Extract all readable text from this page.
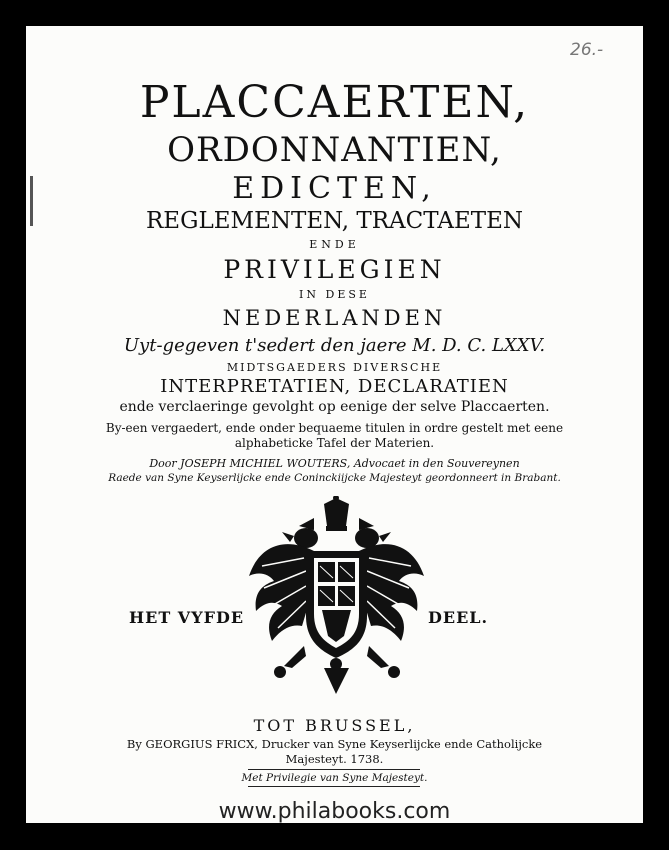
26.-
PLACCAERTEN,
ORDONNANTIEN,
EDICTEN,
REGLEMENTEN, TRACTAETEN
ENDE
PRIVILEGIEN
IN DESE
NEDERLANDEN
Uyt-gegeven t'sedert den jaere M. D. C. LXXV.
MIDTSGAEDERS DIVERSCHE
INTERPRETATIEN, DECLARATIEN
ende verclaeringe gevolght op eenige der selve Placcaerten.
By-een vergaedert, ende onder bequaeme titulen in ordre gestelt met eene
alphabeticke Tafel der Materien.
Door JOSEPH MICHIEL WOUTERS, Advocaet in den Souvereynen
Raede van Syne Keyserlijcke ende Coninckiijcke Majesteyt geordonneert in Brabant.
HET VYFDE	DEEL.
TOT BRUSSEL,
By GEORGIUS FRICX, Drucker van Syne Keyserlijcke ende Catholijcke
Majesteyt. 1738.
Met Privilegie van Syne Majesteyt.
www.philabooks.com
